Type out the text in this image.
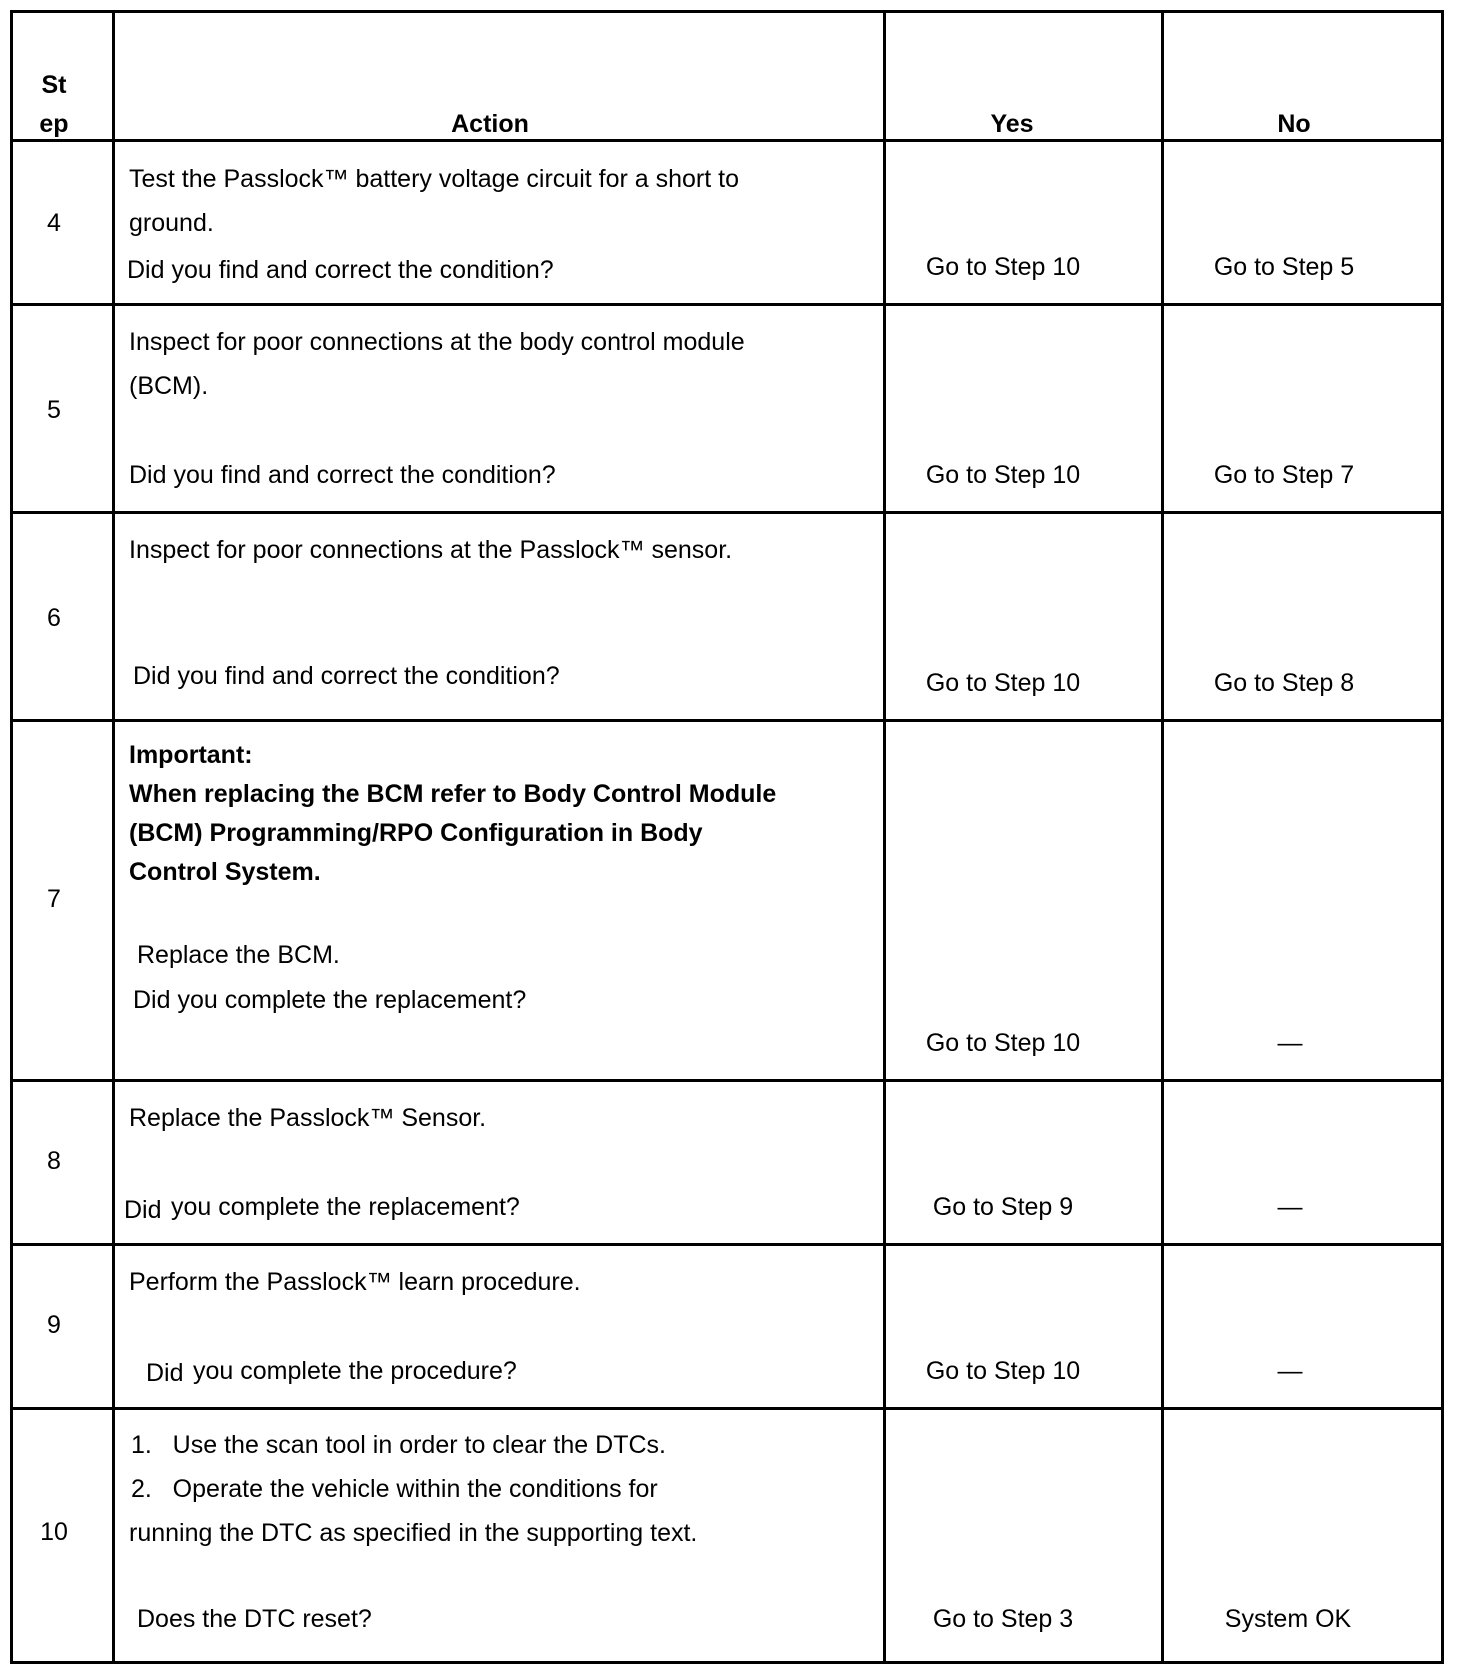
St
ep	Action	Yes	No
4
Test the Passlock™ battery voltage circuit for a short to
ground.
Did you find and correct the condition?	Go to Step 10	Go to Step 5
5
Inspect for poor connections at the body control module
(BCM).
Did you find and correct the condition?	Go to Step 10	Go to Step 7
6
Inspect for poor connections at the Passlock™ sensor.
Did you find and correct the condition?	Go to Step 10	Go to Step 8
7
Important:
When replacing the BCM refer to Body Control Module
(BCM) Programming/RPO Configuration in Body
Control System.
Replace the BCM.
Did you complete the replacement?
Go to Step 10	—
8
Replace the Passlock™ Sensor.
Did you complete the replacement?	Go to Step 9	—
9
Perform the Passlock™ learn procedure.
Did you complete the procedure?	Go to Step 10	—
10
1.   Use the scan tool in order to clear the DTCs.
2.   Operate the vehicle within the conditions for
running the DTC as specified in the supporting text.
Does the DTC reset?	Go to Step 3	System OK
